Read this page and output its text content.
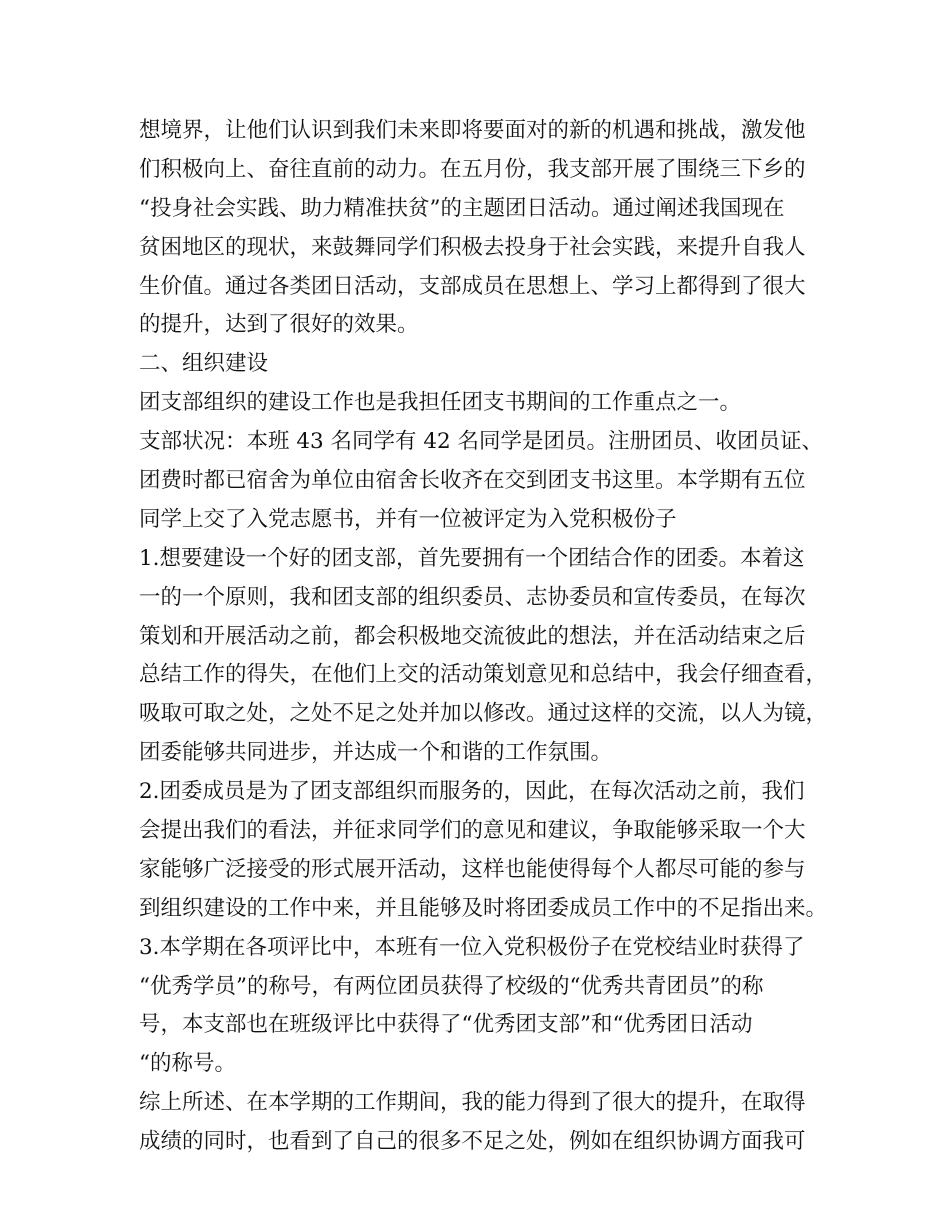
想境界，让他们认识到我们未来即将要面对的新的机遇和挑战，激发他
们积极向上、奋往直前的动力。在五月份，我支部开展了围绕三下乡的
“投身社会实践、助力精准扶贫”的主题团日活动。通过阐述我国现在
贫困地区的现状，来鼓舞同学们积极去投身于社会实践，来提升自我人
生价值。通过各类团日活动，支部成员在思想上、学习上都得到了很大
的提升，达到了很好的效果。
二、组织建设
团支部组织的建设工作也是我担任团支书期间的工作重点之一。
支部状况：本班 43 名同学有 42 名同学是团员。注册团员、收团员证、
团费时都已宿舍为单位由宿舍长收齐在交到团支书这里。本学期有五位
同学上交了入党志愿书，并有一位被评定为入党积极份子
1.想要建设一个好的团支部，首先要拥有一个团结合作的团委。本着这
一的一个原则，我和团支部的组织委员、志协委员和宣传委员，在每次
策划和开展活动之前，都会积极地交流彼此的想法，并在活动结束之后
总结工作的得失，在他们上交的活动策划意见和总结中，我会仔细查看，
吸取可取之处，之处不足之处并加以修改。通过这样的交流，以人为镜，
团委能够共同进步，并达成一个和谐的工作氛围。
2.团委成员是为了团支部组织而服务的，因此，在每次活动之前，我们
会提出我们的看法，并征求同学们的意见和建议，争取能够采取一个大
家能够广泛接受的形式展开活动，这样也能使得每个人都尽可能的参与
到组织建设的工作中来，并且能够及时将团委成员工作中的不足指出来。
3.本学期在各项评比中，本班有一位入党积极份子在党校结业时获得了
“优秀学员”的称号，有两位团员获得了校级的“优秀共青团员”的称
号，本支部也在班级评比中获得了“优秀团支部”和“优秀团日活动
“的称号。
综上所述、在本学期的工作期间，我的能力得到了很大的提升，在取得
成绩的同时，也看到了自己的很多不足之处，例如在组织协调方面我可
